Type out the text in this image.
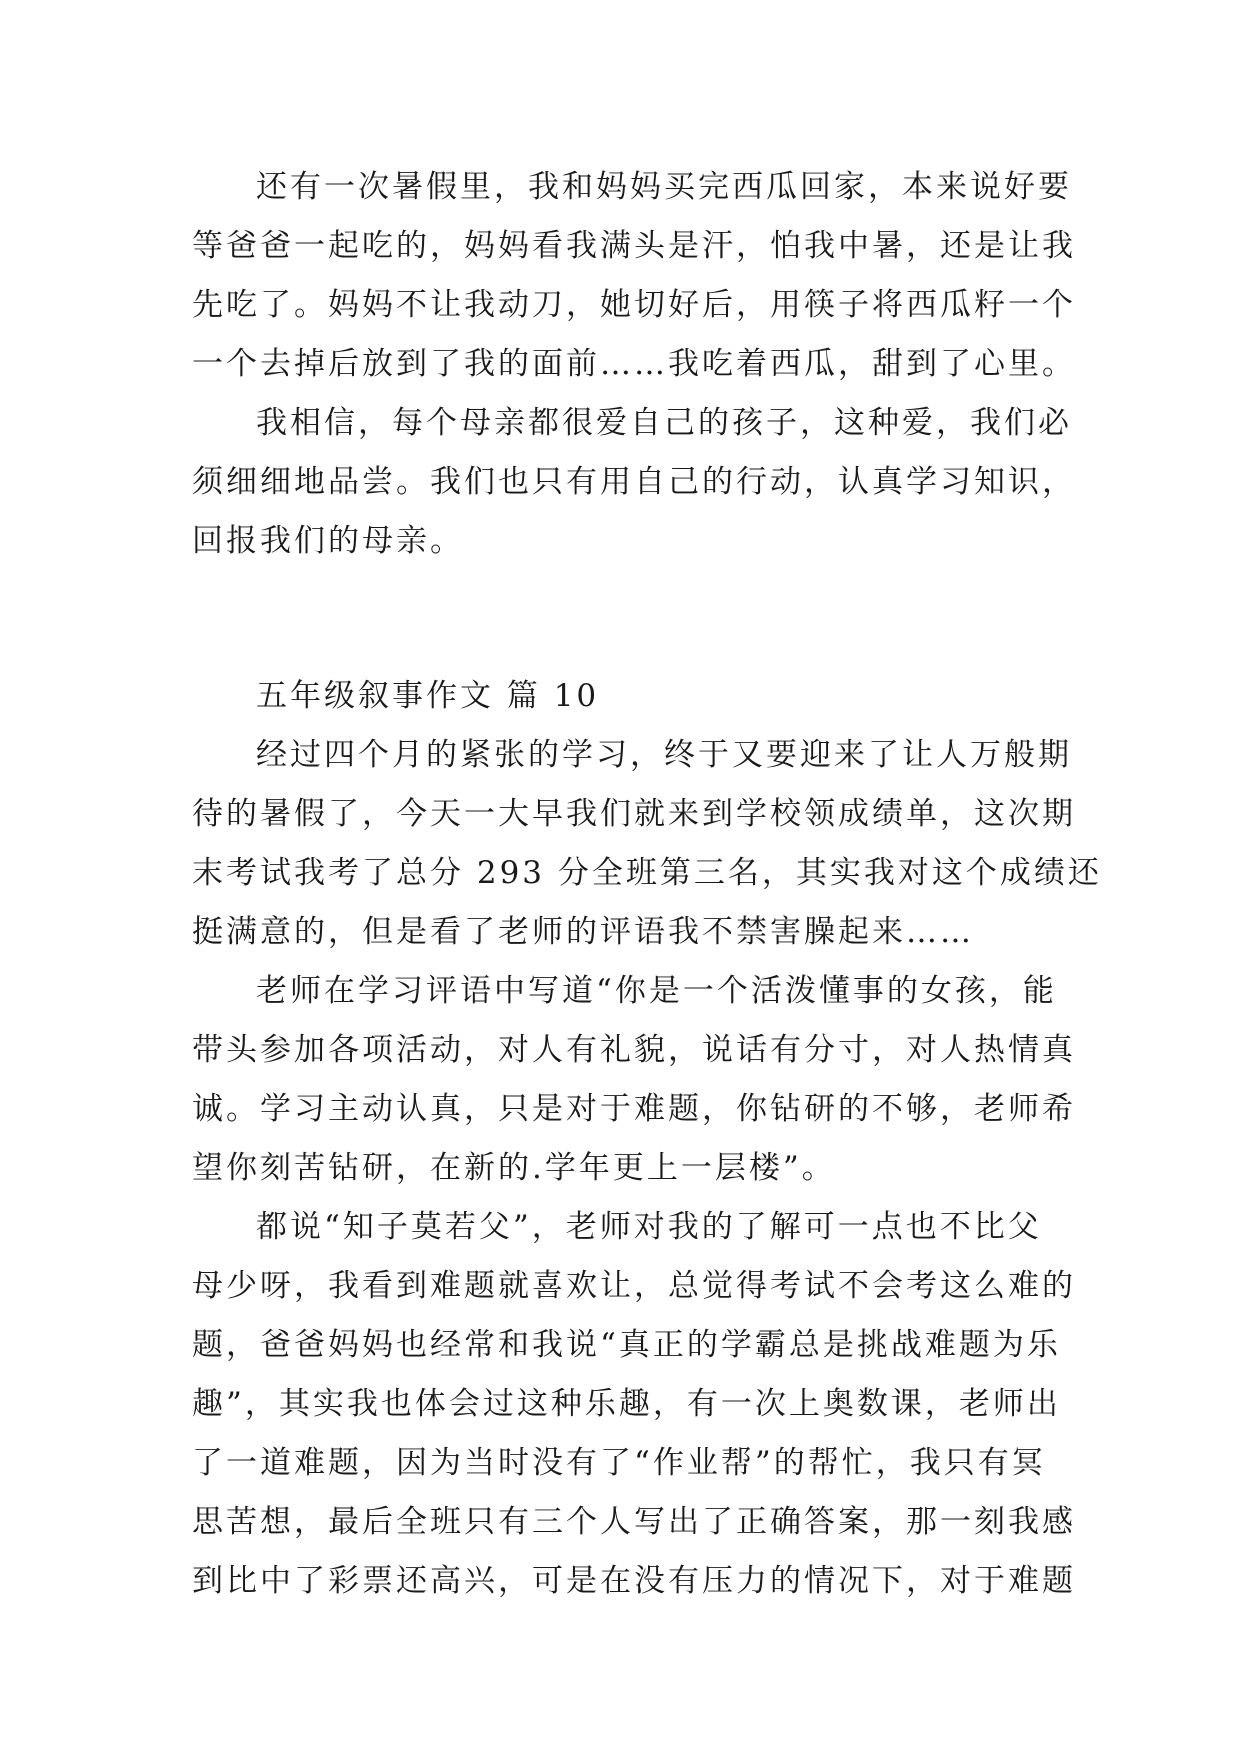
还有一次暑假里，我和妈妈买完西瓜回家，本来说好要
等爸爸一起吃的，妈妈看我满头是汗，怕我中暑，还是让我
先吃了。妈妈不让我动刀，她切好后，用筷子将西瓜籽一个
一个去掉后放到了我的面前……我吃着西瓜，甜到了心里。
我相信，每个母亲都很爱自己的孩子，这种爱，我们必
须细细地品尝。我们也只有用自己的行动，认真学习知识，
回报我们的母亲。
五年级叙事作文 篇 10
经过四个月的紧张的学习，终于又要迎来了让人万般期
待的暑假了，今天一大早我们就来到学校领成绩单，这次期
末考试我考了总分 293 分全班第三名，其实我对这个成绩还
挺满意的，但是看了老师的评语我不禁害臊起来……
老师在学习评语中写道“你是一个活泼懂事的女孩，能
带头参加各项活动，对人有礼貌，说话有分寸，对人热情真
诚。学习主动认真，只是对于难题，你钻研的不够，老师希
望你刻苦钻研，在新的.学年更上一层楼”。
都说“知子莫若父”，老师对我的了解可一点也不比父
母少呀，我看到难题就喜欢让，总觉得考试不会考这么难的
题，爸爸妈妈也经常和我说“真正的学霸总是挑战难题为乐
趣”，其实我也体会过这种乐趣，有一次上奥数课，老师出
了一道难题，因为当时没有了“作业帮”的帮忙，我只有冥
思苦想，最后全班只有三个人写出了正确答案，那一刻我感
到比中了彩票还高兴，可是在没有压力的情况下，对于难题
